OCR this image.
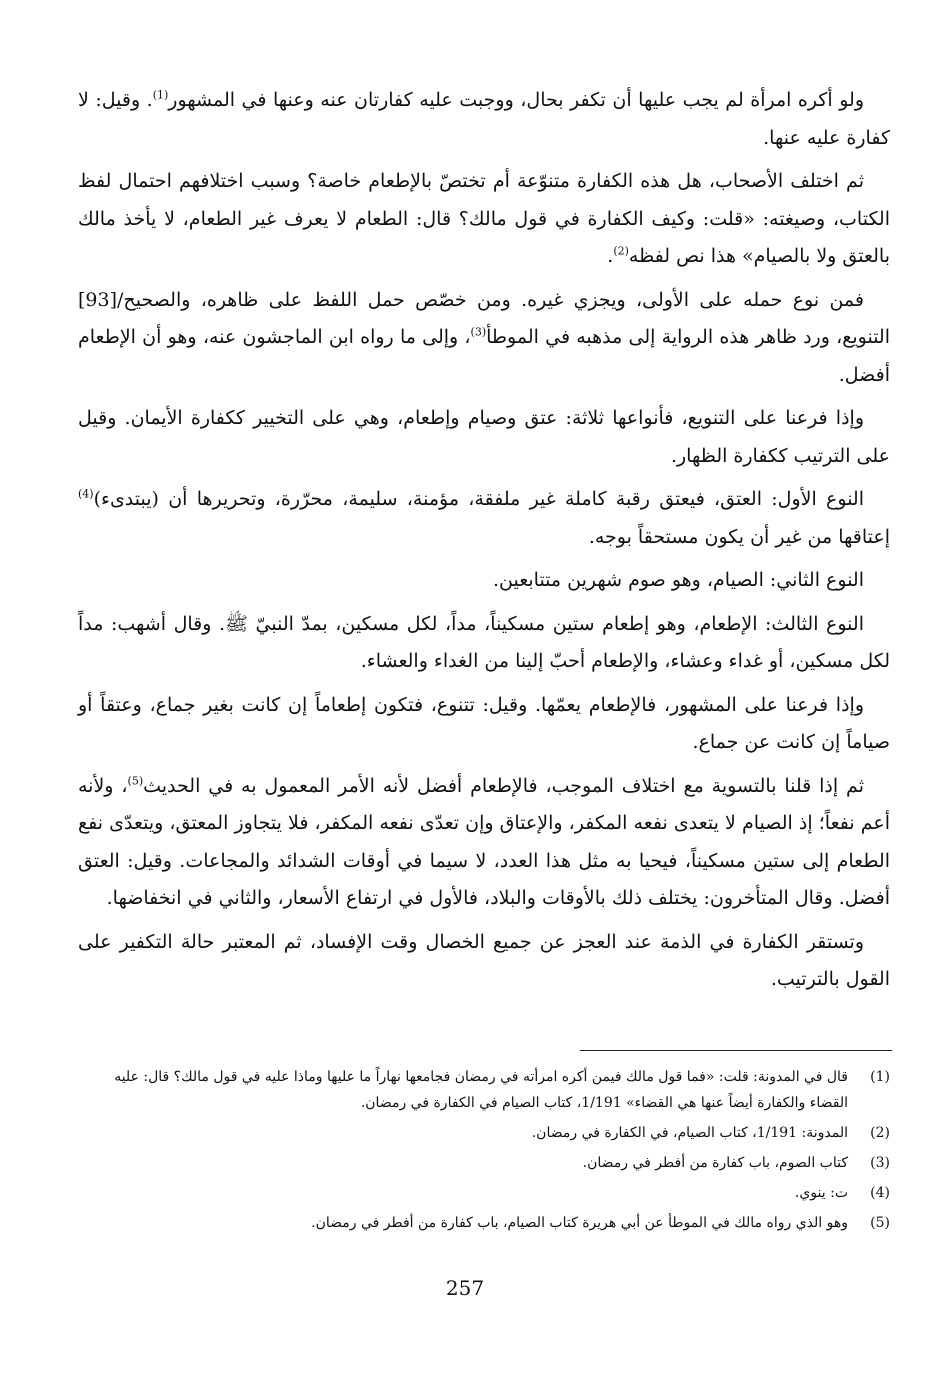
ولو أكره امرأة لم يجب عليها أن تكفر بحال، ووجبت عليه كفارتان عنه وعنها في المشهور$^{(1)}$. وقيل: لا كفارة عليه عنها.

ثم اختلف الأصحاب، هل هذه الكفارة متنوّعة أم تختصّ بالإطعام خاصة؟ وسبب اختلافهم احتمال لفظ الكتاب، وصيغته: «قلت: وكيف الكفارة في قول مالك؟ قال: الطعام لا يعرف غير الطعام، لا يأخذ مالك بالعتق ولا بالصيام» هذا نص لفظه$^{(2)}$.

فمن نوع حمله على الأولى، ويجزي غيره. ومن خصّص حمل اللفظ على ظاهره، والصحيح/[93] التنويع، ورد ظاهر هذه الرواية إلى مذهبه في الموطأ$^{(3)}$، وإلى ما رواه ابن الماجشون عنه، وهو أن الإطعام أفضل.

وإذا فرعنا على التنويع، فأنواعها ثلاثة: عتق وصيام وإطعام، وهي على التخيير ككفارة الأيمان. وقيل على الترتيب ككفارة الظهار.

النوع الأول: العتق، فيعتق رقبة كاملة غير ملفقة، مؤمنة، سليمة، محرّرة، وتحريرها أن (يبتدىء)$^{(4)}$ إعتاقها من غير أن يكون مستحقاً بوجه.

النوع الثاني: الصيام، وهو صوم شهرين متتابعين.

النوع الثالث: الإطعام، وهو إطعام ستين مسكيناً، مداً، لكل مسكين، بمدّ النبيّ ﷺ. وقال أشهب: مداً لكل مسكين، أو غداء وعشاء، والإطعام أحبّ إلينا من الغداء والعشاء.

وإذا فرعنا على المشهور، فالإطعام يعمّها. وقيل: تتنوع، فتكون إطعاماً إن كانت بغير جماع، وعتقاً أو صياماً إن كانت عن جماع.

ثم إذا قلنا بالتسوية مع اختلاف الموجب، فالإطعام أفضل لأنه الأمر المعمول به في الحديث$^{(5)}$، ولأنه أعم نفعاً؛ إذ الصيام لا يتعدى نفعه المكفر، والإعتاق وإن تعدّى نفعه المكفر، فلا يتجاوز المعتق، ويتعدّى نفع الطعام إلى ستين مسكيناً، فيحيا به مثل هذا العدد، لا سيما في أوقات الشدائد والمجاعات. وقيل: العتق أفضل. وقال المتأخرون: يختلف ذلك بالأوقات والبلاد، فالأول في ارتفاع الأسعار، والثاني في انخفاضها.

وتستقر الكفارة في الذمة عند العجز عن جميع الخصال وقت الإفساد، ثم المعتبر حالة التكفير على القول بالترتيب.

(1)
قال في المدونة: قلت: «فما قول مالك فيمن أكره امرأته في رمضان فجامعها نهاراً ما عليها وماذا عليه في قول مالك؟ قال: عليه القضاء والكفارة أيضاً عنها هي القضاء» 1/191، كتاب الصيام في الكفارة في رمضان.
(2)
المدونة: 1/191، كتاب الصيام، في الكفارة في رمضان.
(3)
كتاب الصوم، باب كفارة من أفطر في رمضان.
(4)
ت: ينوي.
(5)
وهو الذي رواه مالك في الموطأ عن أبي هريرة كتاب الصيام، باب كفارة من أفطر في رمضان.
257
